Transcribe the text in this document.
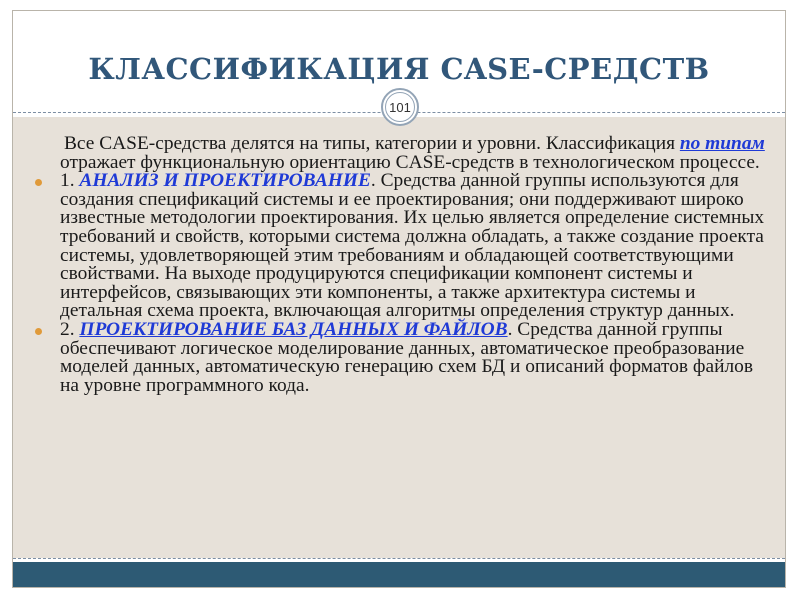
КЛАССИФИКАЦИЯ CASE-СРЕДСТВ
101

Все CASE-средства делятся на типы, категории и уровни. Классификация по типам отражает функциональную ориентацию CASE-средств в технологическом процессе.

1. АНАЛИЗ И ПРОЕКТИРОВАНИЕ. Средства данной группы используются для создания спецификаций системы и ее проектирования; они поддерживают широко известные методологии проектирования. Их целью является определение системных требований и свойств, которыми система должна обладать, а также создание проекта системы, удовлетворяющей этим требованиям и обладающей соответствующими свойствами. На выходе продуцируются спецификации компонент системы и интерфейсов, связывающих эти компоненты, а также архитектура системы и детальная схема проекта, включающая алгоритмы определения структур данных.

2. ПРОЕКТИРОВАНИЕ БАЗ ДАННЫХ И ФАЙЛОВ. Средства данной группы обеспечивают логическое моделирование данных, автоматическое преобразование моделей данных, автоматическую генерацию схем БД и описаний форматов файлов на уровне программного кода.
